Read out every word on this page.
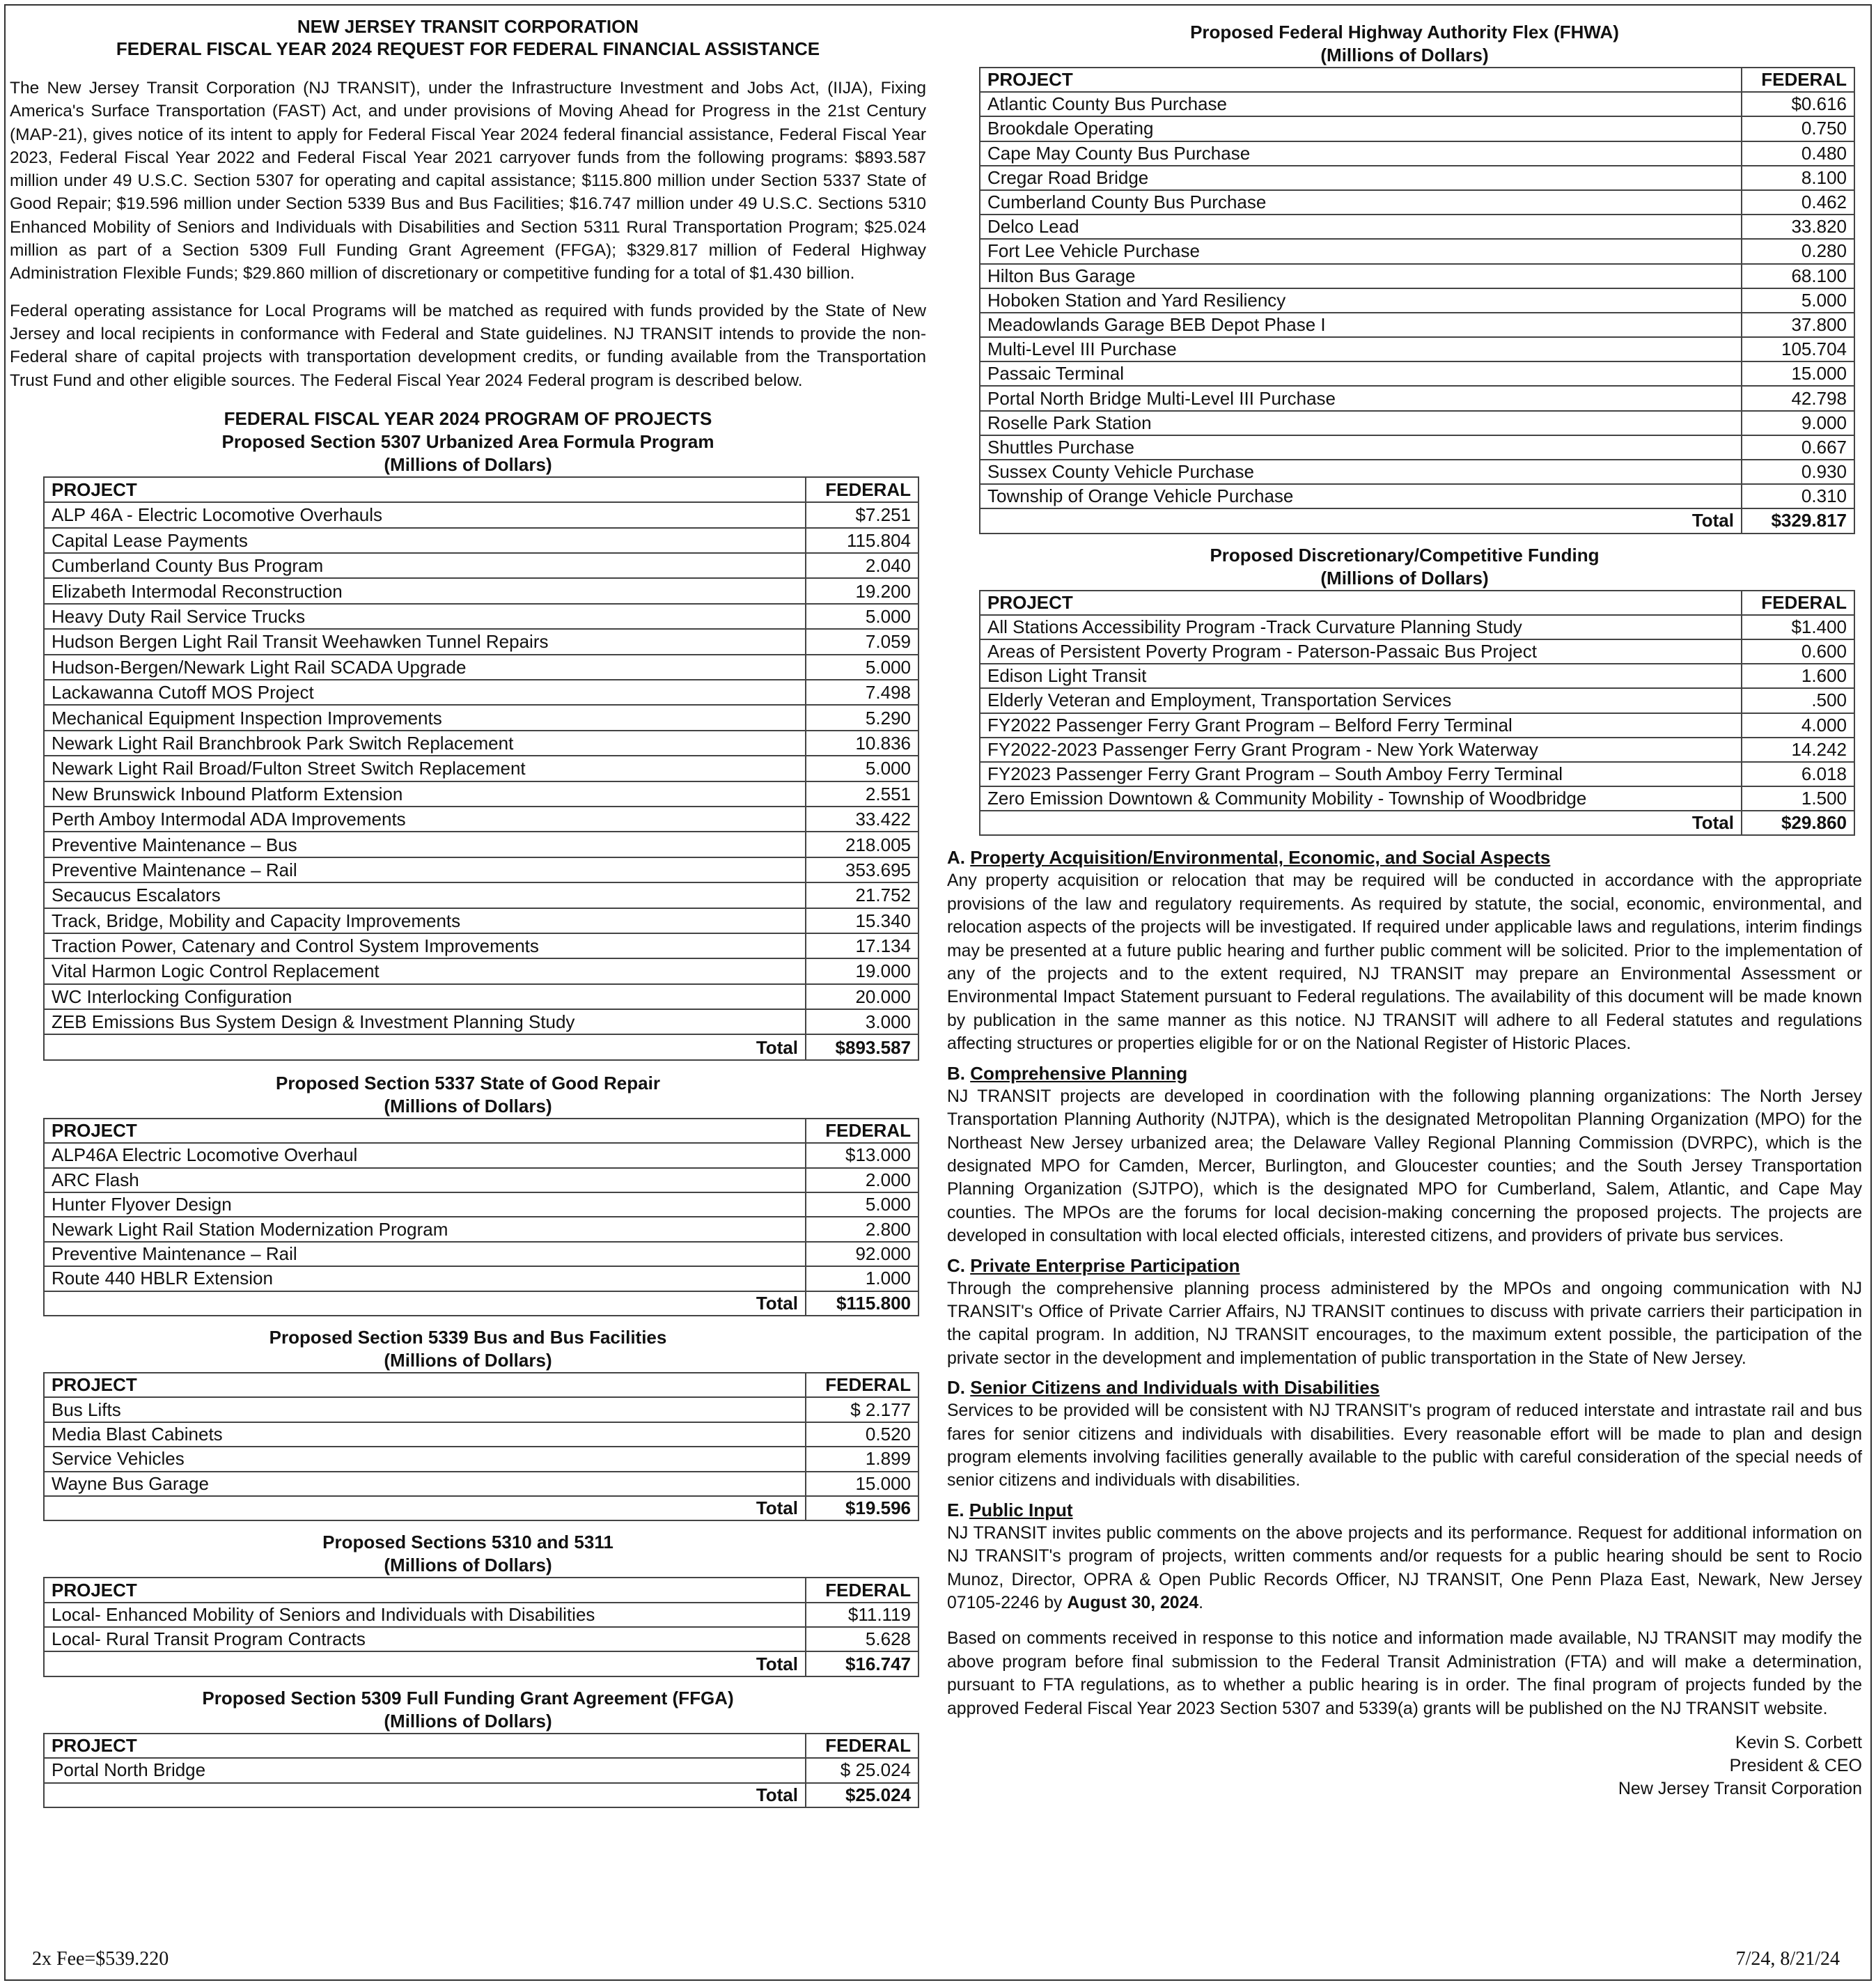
NEW JERSEY TRANSIT CORPORATION
FEDERAL FISCAL YEAR 2024 REQUEST FOR FEDERAL FINANCIAL ASSISTANCE

The New Jersey Transit Corporation (NJ TRANSIT), under the Infrastructure Investment and Jobs Act, (IIJA), Fixing America's Surface Transportation (FAST) Act, and under provisions of Moving Ahead for Progress in the 21st Century (MAP-21), gives notice of its intent to apply for Federal Fiscal Year 2024 federal financial assistance, Federal Fiscal Year 2023, Federal Fiscal Year 2022 and Federal Fiscal Year 2021 carryover funds from the following programs: $893.587 million under 49 U.S.C. Section 5307 for operating and capital assistance; $115.800 million under Section 5337 State of Good Repair; $19.596 million under Section 5339 Bus and Bus Facilities; $16.747 million under 49 U.S.C. Sections 5310 Enhanced Mobility of Seniors and Individuals with Disabilities and Section 5311 Rural Transportation Program; $25.024 million as part of a Section 5309 Full Funding Grant Agreement (FFGA); $329.817 million of Federal Highway Administration Flexible Funds; $29.860 million of discretionary or competitive funding for a total of $1.430 billion.

Federal operating assistance for Local Programs will be matched as required with funds provided by the State of New Jersey and local recipients in conformance with Federal and State guidelines. NJ TRANSIT intends to provide the non-Federal share of capital projects with transportation development credits, or funding available from the Transportation Trust Fund and other eligible sources. The Federal Fiscal Year 2024 Federal program is described below.

FEDERAL FISCAL YEAR 2024 PROGRAM OF PROJECTS
Proposed Section 5307 Urbanized Area Formula Program
(Millions of Dollars)
PROJECT	FEDERAL
ALP 46A - Electric Locomotive Overhauls	$7.251
Capital Lease Payments	115.804
Cumberland County Bus Program	2.040
Elizabeth Intermodal Reconstruction	19.200
Heavy Duty Rail Service Trucks	5.000
Hudson Bergen Light Rail Transit Weehawken Tunnel Repairs	7.059
Hudson-Bergen/Newark Light Rail SCADA Upgrade	5.000
Lackawanna Cutoff MOS Project	7.498
Mechanical Equipment Inspection Improvements	5.290
Newark Light Rail Branchbrook Park Switch Replacement	10.836
Newark Light Rail Broad/Fulton Street Switch Replacement	5.000
New Brunswick Inbound Platform Extension	2.551
Perth Amboy Intermodal ADA Improvements	33.422
Preventive Maintenance – Bus	218.005
Preventive Maintenance – Rail	353.695
Secaucus Escalators	21.752
Track, Bridge, Mobility and Capacity Improvements	15.340
Traction Power, Catenary and Control System Improvements	17.134
Vital Harmon Logic Control Replacement	19.000
WC Interlocking Configuration	20.000
ZEB Emissions Bus System Design & Investment Planning Study	3.000
Total	$893.587
Proposed Section 5337 State of Good Repair
(Millions of Dollars)
PROJECT	FEDERAL
ALP46A Electric Locomotive Overhaul	$13.000
ARC Flash	2.000
Hunter Flyover Design	5.000
Newark Light Rail Station Modernization Program	2.800
Preventive Maintenance – Rail	92.000
Route 440 HBLR Extension	1.000
Total	$115.800
Proposed Section 5339 Bus and Bus Facilities
(Millions of Dollars)
PROJECT	FEDERAL
Bus Lifts	$ 2.177
Media Blast Cabinets	0.520
Service Vehicles	1.899
Wayne Bus Garage	15.000
Total	$19.596
Proposed Sections 5310 and 5311
(Millions of Dollars)
PROJECT	FEDERAL
Local- Enhanced Mobility of Seniors and Individuals with Disabilities	$11.119
Local- Rural Transit Program Contracts	5.628
Total	$16.747
Proposed Section 5309 Full Funding Grant Agreement (FFGA)
(Millions of Dollars)
PROJECT	FEDERAL
Portal North Bridge	$ 25.024
Total	$25.024
Proposed Federal Highway Authority Flex (FHWA)
(Millions of Dollars)
PROJECT	FEDERAL
Atlantic County Bus Purchase	$0.616
Brookdale Operating	0.750
Cape May County Bus Purchase	0.480
Cregar Road Bridge	8.100
Cumberland County Bus Purchase	0.462
Delco Lead	33.820
Fort Lee Vehicle Purchase	0.280
Hilton Bus Garage	68.100
Hoboken Station and Yard Resiliency	5.000
Meadowlands Garage BEB Depot Phase I	37.800
Multi-Level III Purchase	105.704
Passaic Terminal	15.000
Portal North Bridge Multi-Level III Purchase	42.798
Roselle Park Station	9.000
Shuttles Purchase	0.667
Sussex County Vehicle Purchase	0.930
Township of Orange Vehicle Purchase	0.310
Total	$329.817
Proposed Discretionary/Competitive Funding
(Millions of Dollars)
PROJECT	FEDERAL
All Stations Accessibility Program -Track Curvature Planning Study	$1.400
Areas of Persistent Poverty Program - Paterson-Passaic Bus Project	0.600
Edison Light Transit	1.600
Elderly Veteran and Employment, Transportation Services	.500
FY2022 Passenger Ferry Grant Program – Belford Ferry Terminal	4.000
FY2022-2023 Passenger Ferry Grant Program - New York Waterway	14.242
FY2023 Passenger Ferry Grant Program – South Amboy Ferry Terminal	6.018
Zero Emission Downtown & Community Mobility - Township of Woodbridge	1.500
Total	$29.860
A. Property Acquisition/Environmental, Economic, and Social Aspects

Any property acquisition or relocation that may be required will be conducted in accordance with the appropriate provisions of the law and regulatory requirements. As required by statute, the social, economic, environmental, and relocation aspects of the projects will be investigated. If required under applicable laws and regulations, interim findings may be presented at a future public hearing and further public comment will be solicited. Prior to the implementation of any of the projects and to the extent required, NJ TRANSIT may prepare an Environmental Assessment or Environmental Impact Statement pursuant to Federal regulations. The availability of this document will be made known by publication in the same manner as this notice. NJ TRANSIT will adhere to all Federal statutes and regulations affecting structures or properties eligible for or on the National Register of Historic Places.

B. Comprehensive Planning

NJ TRANSIT projects are developed in coordination with the following planning organizations: The North Jersey Transportation Planning Authority (NJTPA), which is the designated Metropolitan Planning Organization (MPO) for the Northeast New Jersey urbanized area; the Delaware Valley Regional Planning Commission (DVRPC), which is the designated MPO for Camden, Mercer, Burlington, and Gloucester counties; and the South Jersey Transportation Planning Organization (SJTPO), which is the designated MPO for Cumberland, Salem, Atlantic, and Cape May counties. The MPOs are the forums for local decision-making concerning the proposed projects. The projects are developed in consultation with local elected officials, interested citizens, and providers of private bus services.

C. Private Enterprise Participation

Through the comprehensive planning process administered by the MPOs and ongoing communication with NJ TRANSIT's Office of Private Carrier Affairs, NJ TRANSIT continues to discuss with private carriers their participation in the capital program. In addition, NJ TRANSIT encourages, to the maximum extent possible, the participation of the private sector in the development and implementation of public transportation in the State of New Jersey.

D. Senior Citizens and Individuals with Disabilities

Services to be provided will be consistent with NJ TRANSIT's program of reduced interstate and intrastate rail and bus fares for senior citizens and individuals with disabilities. Every reasonable effort will be made to plan and design program elements involving facilities generally available to the public with careful consideration of the special needs of senior citizens and individuals with disabilities.

E. Public Input

NJ TRANSIT invites public comments on the above projects and its performance. Request for additional information on NJ TRANSIT's program of projects, written comments and/or requests for a public hearing should be sent to Rocio Munoz, Director, OPRA & Open Public Records Officer, NJ TRANSIT, One Penn Plaza East, Newark, New Jersey 07105-2246 by August 30, 2024.

Based on comments received in response to this notice and information made available, NJ TRANSIT may modify the above program before final submission to the Federal Transit Administration (FTA) and will make a determination, pursuant to FTA regulations, as to whether a public hearing is in order. The final program of projects funded by the approved Federal Fiscal Year 2023 Section 5307 and 5339(a) grants will be published on the NJ TRANSIT website.

Kevin S. Corbett
President & CEO
New Jersey Transit Corporation
2x Fee=$539.220	7/24, 8/21/24
